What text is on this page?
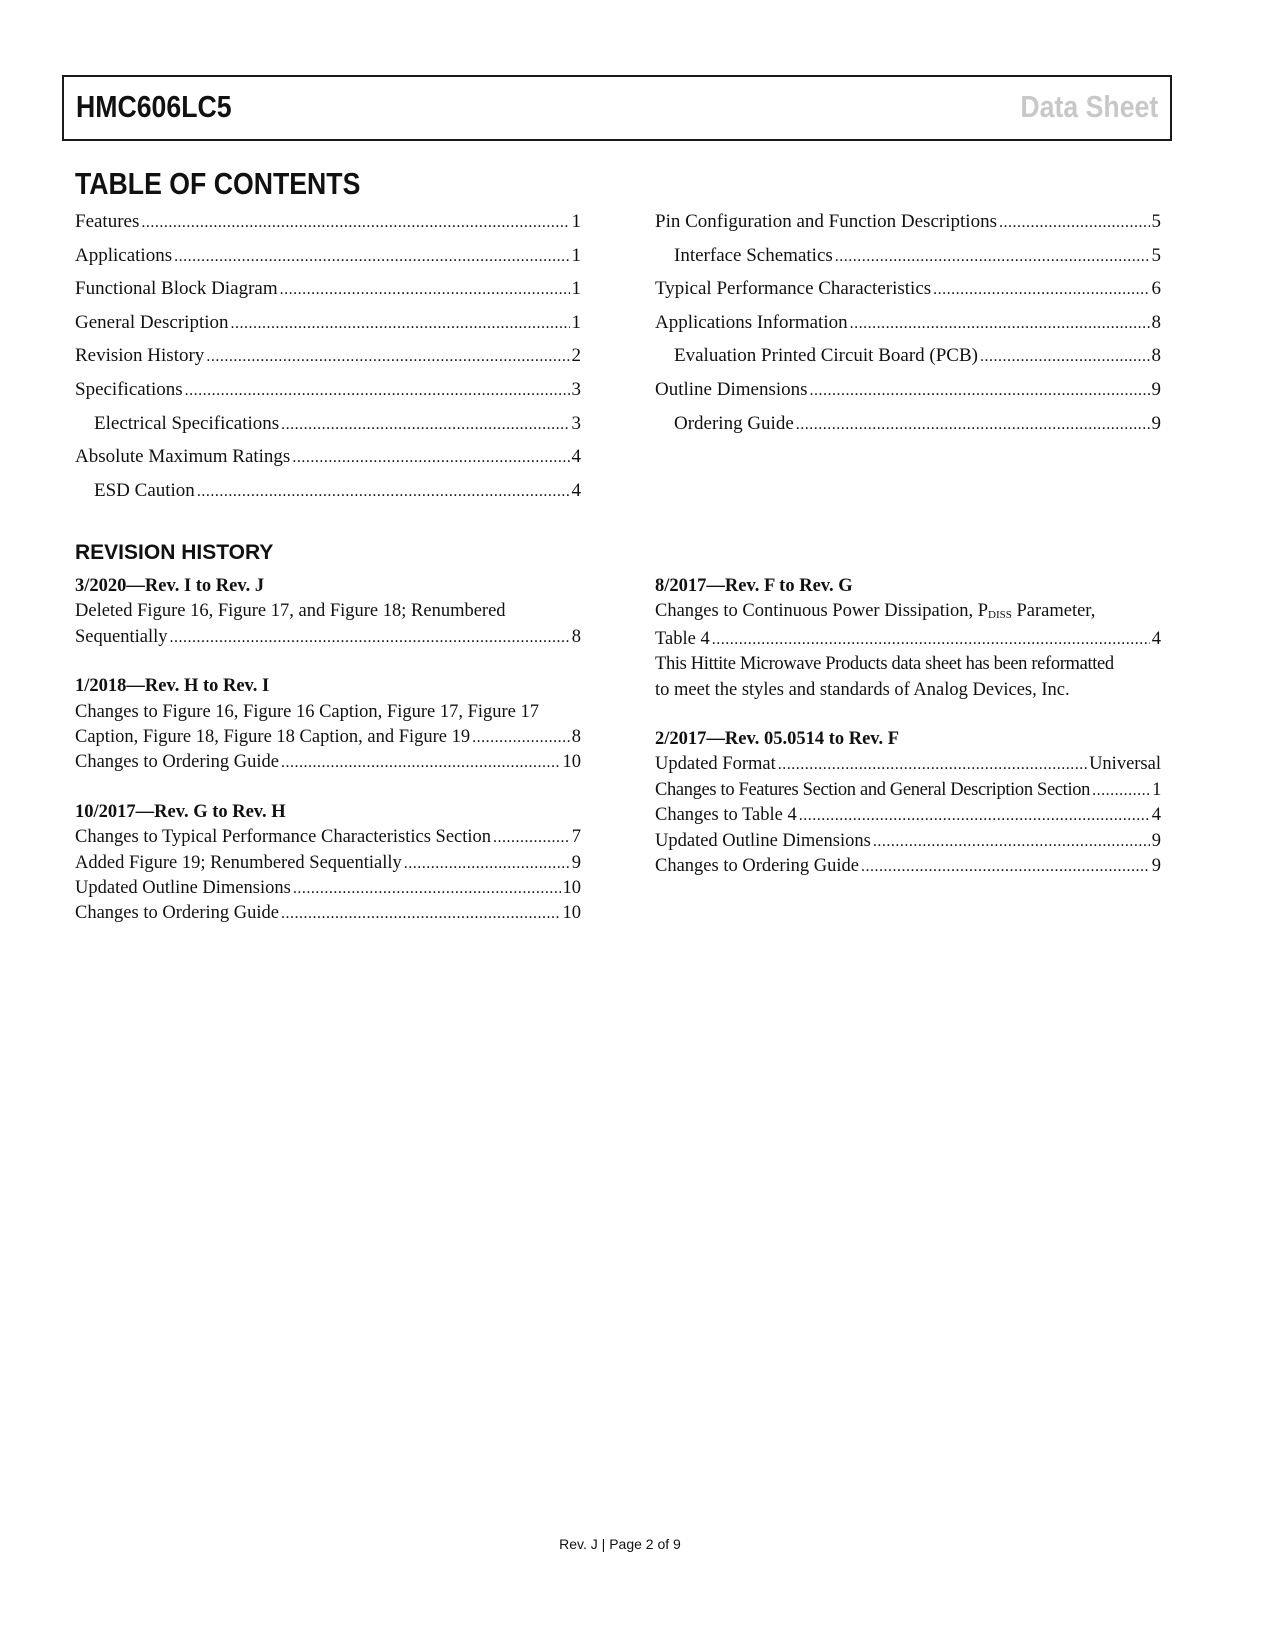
HMC606LC5	Data Sheet
TABLE OF CONTENTS
Features .....	1
Applications .....	1
Functional Block Diagram .....	1
General Description .....	1
Revision History .....	2
Specifications .....	3
Electrical Specifications .....	3
Absolute Maximum Ratings .....	4
ESD Caution .....	4
Pin Configuration and Function Descriptions .....	5
Interface Schematics .....	5
Typical Performance Characteristics .....	6
Applications Information .....	8
Evaluation Printed Circuit Board (PCB) .....	8
Outline Dimensions .....	9
Ordering Guide .....	9
REVISION HISTORY
3/2020—Rev. I to Rev. J
Deleted Figure 16, Figure 17, and Figure 18; Renumbered
Sequentially .....	8
1/2018—Rev. H to Rev. I
Changes to Figure 16, Figure 16 Caption, Figure 17, Figure 17
Caption, Figure 18, Figure 18 Caption, and Figure 19 .....	8
Changes to Ordering Guide .....	10
10/2017—Rev. G to Rev. H
Changes to Typical Performance Characteristics Section .....	7
Added Figure 19; Renumbered Sequentially .....	9
Updated Outline Dimensions .....	10
Changes to Ordering Guide .....	10
8/2017—Rev. F to Rev. G
Changes to Continuous Power Dissipation, $P_{DISS}$ Parameter,
Table 4 .....	4
This Hittite Microwave Products data sheet has been reformatted
to meet the styles and standards of Analog Devices, Inc.
2/2017—Rev. 05.0514 to Rev. F
Updated Format .....	Universal
Changes to Features Section and General Description Section .....	1
Changes to Table 4 .....	4
Updated Outline Dimensions .....	9
Changes to Ordering Guide .....	9
Rev. J | Page 2 of 9
